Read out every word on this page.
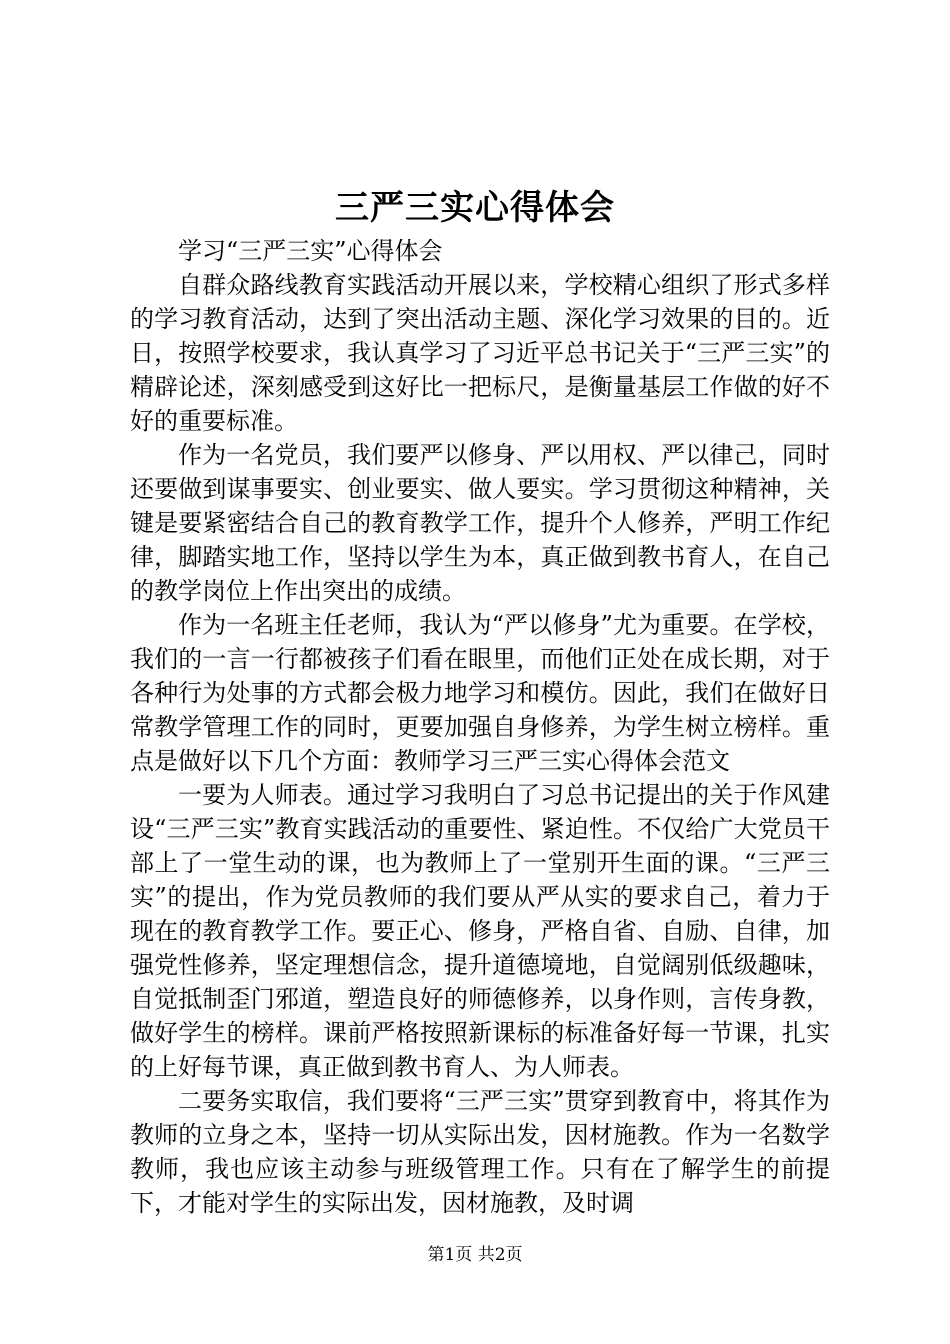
三严三实心得体会

学习“三严三实”心得体会

自群众路线教育实践活动开展以来，学校精心组织了形式多样的学习教育活动，达到了突出活动主题、深化学习效果的目的。近日，按照学校要求，我认真学习了习近平总书记关于“三严三实”的精辟论述，深刻感受到这好比一把标尺，是衡量基层工作做的好不好的重要标准。

作为一名党员，我们要严以修身、严以用权、严以律己，同时还要做到谋事要实、创业要实、做人要实。学习贯彻这种精神，关键是要紧密结合自己的教育教学工作，提升个人修养，严明工作纪律，脚踏实地工作，坚持以学生为本，真正做到教书育人，在自己的教学岗位上作出突出的成绩。

作为一名班主任老师，我认为“严以修身”尤为重要。在学校，我们的一言一行都被孩子们看在眼里，而他们正处在成长期，对于各种行为处事的方式都会极力地学习和模仿。因此，我们在做好日常教学管理工作的同时，更要加强自身修养，为学生树立榜样。重点是做好以下几个方面：教师学习三严三实心得体会范文

一要为人师表。通过学习我明白了习总书记提出的关于作风建设“三严三实”教育实践活动的重要性、紧迫性。不仅给广大党员干部上了一堂生动的课，也为教师上了一堂别开生面的课。“三严三实”的提出，作为党员教师的我们要从严从实的要求自己，着力于现在的教育教学工作。要正心、修身，严格自省、自励、自律，加强党性修养，坚定理想信念，提升道德境地，自觉阔别低级趣味，自觉抵制歪门邪道，塑造良好的师德修养，以身作则，言传身教，做好学生的榜样。课前严格按照新课标的标准备好每一节课，扎实的上好每节课，真正做到教书育人、为人师表。

二要务实取信，我们要将“三严三实”贯穿到教育中，将其作为教师的立身之本，坚持一切从实际出发，因材施教。作为一名数学教师，我也应该主动参与班级管理工作。只有在了解学生的前提下，才能对学生的实际出发，因材施教，及时调

第1页 共2页
